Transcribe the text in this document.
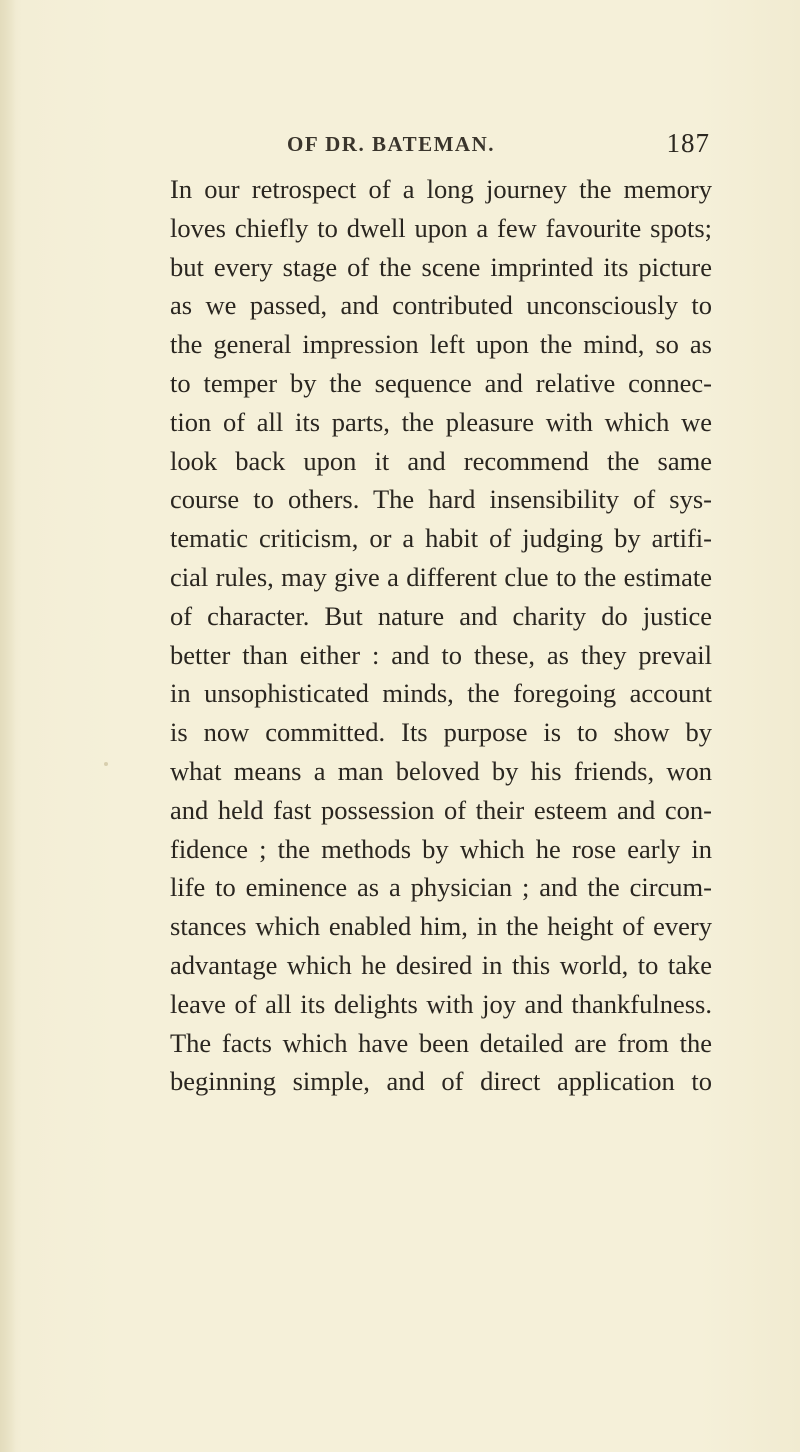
OF DR. BATEMAN.	187
In our retrospect of a long journey the memory
loves chiefly to dwell upon a few favourite spots;
but every stage of the scene imprinted its picture
as we passed, and contributed unconsciously to
the general impression left upon the mind, so as
to temper by the sequence and relative connec-
tion of all its parts, the pleasure with which we
look back upon it and recommend the same
course to others. The hard insensibility of sys-
tematic criticism, or a habit of judging by artifi-
cial rules, may give a different clue to the estimate
of character. But nature and charity do justice
better than either : and to these, as they prevail
in unsophisticated minds, the foregoing account
is now committed. Its purpose is to show by
what means a man beloved by his friends, won
and held fast possession of their esteem and con-
fidence ; the methods by which he rose early in
life to eminence as a physician ; and the circum-
stances which enabled him, in the height of every
advantage which he desired in this world, to take
leave of all its delights with joy and thankfulness.
The facts which have been detailed are from the
beginning simple, and of direct application to
